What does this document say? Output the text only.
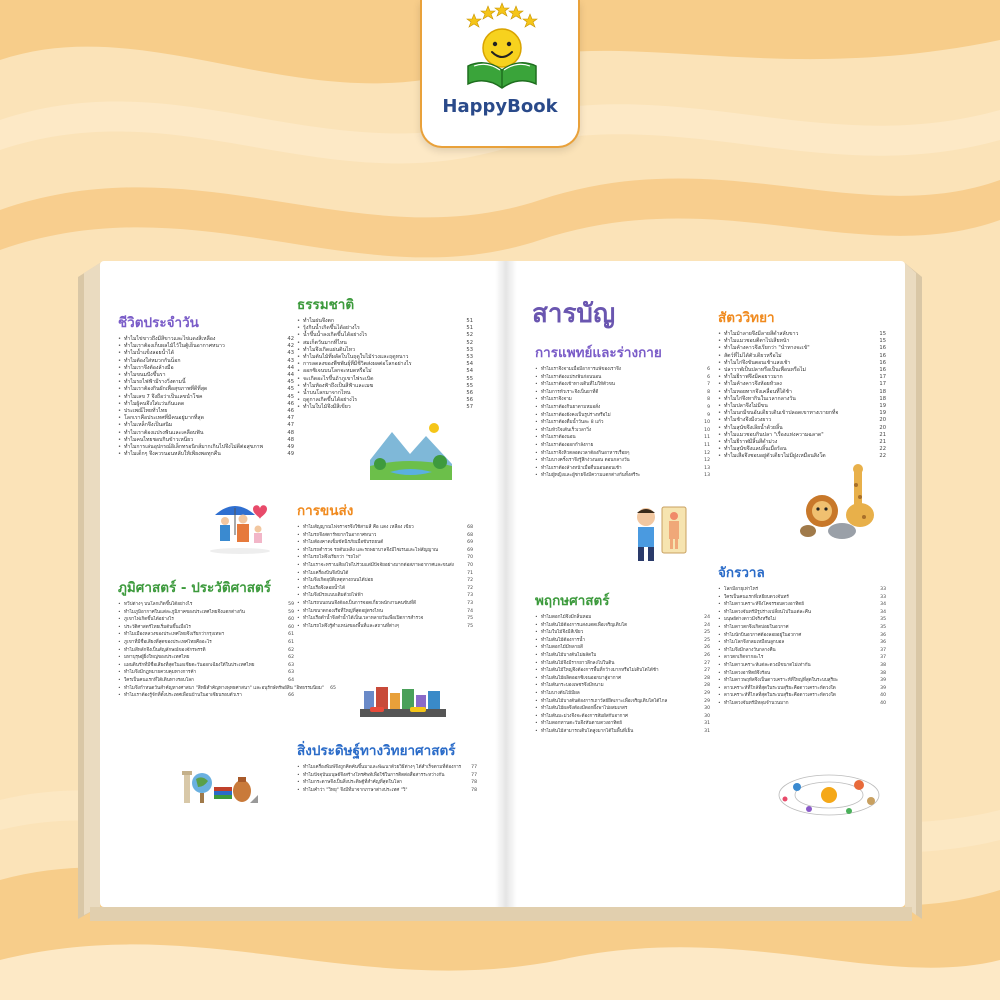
HappyBook
ชีวิตประจำวัน
• ทำไมไข่ขาวถึงมีสีขาวและไข่แดงสีเหลือง	42
• ทำไมเราต้องเก็บผลไม้ไว้ในตู้เย็นอากาศหนาว	42
• ทำไมน้ำแข็งลอยน้ำได้	43
• ทำไมต้องใส่หมวกกันน็อก	43
• ทำไมเราจึงต้องล้างมือ	44
• ทำไมขนมปังขึ้นรา	44
• ทำไมรถไฟฟ้ามีรางวิ่งตามนี้	45
• ทำไมเราต้องกินผักเพื่อสุขภาพที่ดีที่สุด	45
• ทำไมเลข 7 จึงถือว่าเป็นเลขนำโชค	45
• ทำไมผู้คนจึงใส่แว่นกันแดด	46
• ประเพณีไทยทั่วไทย	46
• โลกเราคือประเทศที่มีคนอยู่มากที่สุด	47
• ทำไมเหล็กจึงเป็นสนิม	47
• ทำไมเราต้องแปรงฟันและเคลือบฟัน	48
• ทำไมคนไทยชอบกินข้าวเหนียว	48
• ทำไมการเล่นอุปกรณ์อิเล็กทรอนิกส์มากเกินไปจึงไม่ดีต่อสุขภาพ	49
• ทำไมเด็กๆ จึงควรนอนหลับให้เพียงพอทุกคืน	49
ภูมิศาสตร์ - ประวัติศาสตร์
• ทวีปต่างๆ บนโลกเกิดขึ้นได้อย่างไร	59
• ทำไมภูมิอากาศในแต่ละภูมิภาคของประเทศไทยจึงแตกต่างกัน	59
• ภูเขาไฟเกิดขึ้นได้อย่างไร	60
• ประวัติศาสตร์ไทยเริ่มต้นขึ้นเมื่อไร	60
• ทำไมเมืองหลวงของประเทศไทยจึงเรียกว่ากรุงเทพฯ	61
• ภูเขาที่มีชื่อเสียงที่สุดของประเทศไทยคืออะไร	61
• ทำไมสีหลักจึงเป็นสัญลักษณ์ของจักรพรรดิ	62
• มหาบุรุษผู้ยิ่งใหญ่ของประเทศไทย	62
• แผนดินรักที่มีชื่อเสียงที่สุดในเอเชียตะวันออกเฉียงใต้ในประเทศไทย	63
• ทำไมจึงมีกฎหมายควบคุมทางการค้า	63
• ใครเป็นคนแรกที่ได้เดินทางรอบโลก	64
• ทำไมจึงกำหนดวันสำคัญทางศาสนา "สิทธิสำคัญทางพุทธศาสนา" และอนุรักษ์ทรัพย์สิน "อิทธรรมนิยม"	65
• ทำไมเราต้องรู้จักที่ตั้งประเทศเพื่อนบ้านในอาเซียนรอบตัวเรา	66
ธรรมชาติ
• ทำไมฝนจึงตก	51
• รุ้งกินน้ำเกิดขึ้นได้อย่างไร	51
• น้ำขึ้นน้ำลงเกิดขึ้นได้อย่างไร	52
• สมเก็ตวันมากที่ไหน	52
• ทำไมจึงเกิดแผ่นดินไหว	53
• ทำไมต้นไม้ที่ผลัดใบในฤดูใบไม้ร่วงและฤดูหนาว	53
• การลดลงของพืชพันธุ์ที่มีชีวิตส่งผลต่อโลกอย่างไร	54
• ออกซิเจนบนโลกจะหมดหรือไม่	54
• จะเกิดอะไรขึ้นถ้าภูเขาไฟระเบิด	55
• ทำไมท้องฟ้าถึงเป็นสีฟ้าและเมฆ	55
• น้ำบนโลกมาจากไหน	56
• ฤดูกาลเกิดขึ้นได้อย่างไร	56
• ทำไมใบไม้จึงมีสีเขียว	57
การขนส่ง
• ทำไมสัญญาณไฟจราจรจึงใช้สามสี คือ แดง เหลือง เขียว	68
• ทำไมรถจึงสตาร์ทยากในอากาศหนาว	68
• ทำไมต้องคาดเข็มขัดนิรภัยเมื่อขับรถยนต์	69
• ทำไมรถตำรวจ รถดับเพลิง และรถพยาบาลจึงมีไซเรนและไฟสัญญาณ	69
• ทำไมรถไฟจึงเรียกว่า "รถไฟ"	70
• ทำไมเราจะทราบเสียงไฟไปร่วมแต่มีปัจจัยอย่างมากต่อสภาพอากาศและขนส่ง	70
• ทำไมเครื่องบินจึงบินได้	71
• ทำไมจึงเกิดอุบัติเหตุทางถนนได้บ่อย	72
• ทำไมเรือจึงลอยน้ำได้	72
• ทำไมจึงมีรถแบบเติมด้วยไฟฟ้า	73
• ทำไมรถบนถนนจึงต้องเป็นการจอดเกี่ยวพนักงานคนขับที่ดี	73
• ทำไมขนาดกองเรือที่ใหญ่ที่สุดอยู่ตรงไหน	74
• ทำไมเรือดำน้ำจึงดำน้ำได้เป็นเวลาหลายวันเพื่อเปิดการสำรวจ	75
• ทำไมรถไฟจึงรู้ตำแหน่งของพื้นที่และสถานที่ต่างๆ	75
สิ่งประดิษฐ์ทางวิทยาศาสตร์
• ทำไมเครื่องพิมพ์จึงถูกคิดค้นขึ้นมาและพัฒนาด้วยวิธีต่างๆ ได้สำเร็จตามที่ต้องการ	77
• ทำไมปัจจุบันมนุษย์จึงสร้างโทรศัพท์เพื่อใช้ในการติดต่อสื่อสารระหว่างกัน	77
• ทำไมกระดาษจึงเป็นสิ่งประดิษฐ์ที่สำคัญที่สุดในโลก	78
• ทำไมคำว่า "วิทยุ" จึงมีที่มาจากภาษาต่างประเทศ "วิ"	78
สารบัญ
การแพทย์และร่างกาย
• ทำไมเราจึงจามเมื่อมีอาการแพ้ของเราจึง	6
• ทำไมเราต้องแปรงฟันก่อนนอน	6
• ทำไมเราต้องเข้าทางเดินที่ไม่ให้ตัวขน	7
• ทำไมการหัวเราะจึงเป็นยาที่ดี	8
• ทำไมเราจึงจาม	8
• ทำไมเราต้องกินยาตามหมอสั่ง	9
• ทำไมเราต้องยังคงเป็นรูปร่างหรือไม่	9
• ทำไมเราต้องดื่มน้ำวันละ 8 แก้ว	10
• ทำไมหัวใจเต้นเร็วเวลาวิ่ง	10
• ทำไมเราต้องนอน	11
• ทำไมเราต้องออกกำลังกาย	11
• ทำไมเราจึงหิวตลอดเวลาต้องกินอาหารเรื่อยๆ	12
• ทำไมบางครั้งเราจึงรู้สึกง่วงนอน ตอนกลางวัน	12
• ทำไมเราต้องล้างหน้าเมื่อตื่นนอนตอนเช้า	13
• ทำไมผู้หญิงและผู้ชายจึงมีความแตกต่างกันทั้งสรีระ	13
พฤกษศาสตร์
• ทำไมดอกไม้จึงมีกลิ่นหอม	24
• ทำไมต้นไม้ต้องการแสงแดดเพื่อเจริญเติบโต	24
• ทำไมใบไม้จึงมีสีเขียว	25
• ทำไมต้นไม้ต้องการน้ำ	25
• ทำไมดอกไม้มีหลายสี	26
• ทำไมต้นไม้บางต้นไม่ผลัดใบ	26
• ทำไมต้นไม้จึงมีรากยาวลึกลงไปในดิน	27
• ทำไมต้นไม้ใหญ่จึงต้องการพื้นที่กว้างมากหรือไม่เติบโตได้ช้า	27
• ทำไมต้นไม้ผลิตออกซิเจนออกมาสู่อากาศ	28
• ทำไมต้นกระบองเพชรจึงมีหนาม	28
• ทำไมบางต้นไม้มีผล	29
• ทำไมต้นไม้บางต้นต้องการเถาวัลย์ยึดเกาะเพื่อเจริญเติบโตได้ไกล	29
• ทำไมต้นไม้ผลจึงต้องมีดอกผึ้งพาไปผสมเกสร	30
• ทำไมต้นมะม่วงจึงจะต้องการสัมผัสกับอากาศ	30
• ทำไมดอกทานตะวันจึงหันตามดวงอาทิตย์	31
• ทำไมต้นไม้สามารถเติบโตสูงมากได้ในพื้นที่เย็น	31
สัตววิทยา
• ทำไมม้าลายจึงมีลายสีดำสลับขาว	15
• ทำไมแมวชอบตีตาไปเสียหน้า	15
• ทำไมค้างคาวจึงเรียกว่า "นำทางจะเข้"	16
• สัตว์ที่ไม่ได้ตัวเดียวหรือไม่	16
• ทำไมไก่จึงขันตอนเช้าแสงเช้า	16
• ปลาวาฬเป็นปลาหรือเป็นเพื่อนหรือไม่	16
• ทำไมยีราฟจึงมีคอยาวมาก	17
• ทำไมค้างคาวจึงห้อยหัวลง	17
• ทำไมหอยทากจึงเคลื่อนที่ได้ช้า	18
• ทำไมไก่จึงหากินในเวลากลางวัน	18
• ทำไมปลาจึงไม่มีขน	19
• ทำไมนกมีขนอันเดียวเดินเข้าปลอดเขาทางเรายกที่จ	19
• ทำไมช้างจึงมีงวงยาว	20
• ทำไมสุนัขจึงเลียน้ำด้วยลิ้น	20
• ทำไมแมวชอบกินปลา "เรื่องแห่งความฉลาด"	21
• ทำไมยีราฟมีลิ้นสีดำม่วง	21
• ทำไมสุนัขจึงแลบลิ้นเมื่อร้อน	22
• ทำไมเสือจึงชอบอยู่ตัวเดียวไม่มีฝูงเหมือนสิงโต	22
จักรวาล
• โลกมีอายุเท่าไหร่	33
• ใครเป็นคนแรกที่เหยียบดวงจันทร์	33
• ทำไมดาวเคราะห์จึงโคจรรอบดวงอาทิตย์	34
• ทำไมดวงจันทร์มีรูปร่างเปลี่ยนไปในแต่ละคืน	34
• มนุษย์ต่างดาวมีจริงหรือไม่	35
• ทำไมดาวตกจึงเกิดบ่อยในอวกาศ	35
• ทำไมนักบินอวกาศต้องลอยอยู่ในอวกาศ	36
• ทำไมโลกจึงกลมเหมือนลูกบอล	36
• ทำไมจึงมีกลางวันกลางคืน	37
• ดาวตกเกิดจากอะไร	37
• ทำไมดาวเคราะห์แต่ละดวงมีขนาดไม่เท่ากัน	38
• ทำไมดวงอาทิตย์จึงร้อน	38
• ทำไมดาวพฤหัสจึงเป็นดาวเคราะห์ที่ใหญ่ที่สุดในระบบสุริยะ	39
• ดาวเคราะห์ที่ใกล้ที่สุดในระบบสุริยะคือดาวเคราะห์ดวงใด	39
• ดาวเคราะห์ที่ไกลที่สุดในระบบสุริยะคือดาวเคราะห์ดวงใด	40
• ทำไมดวงจันทร์มีหลุมจำนวนมาก	40
